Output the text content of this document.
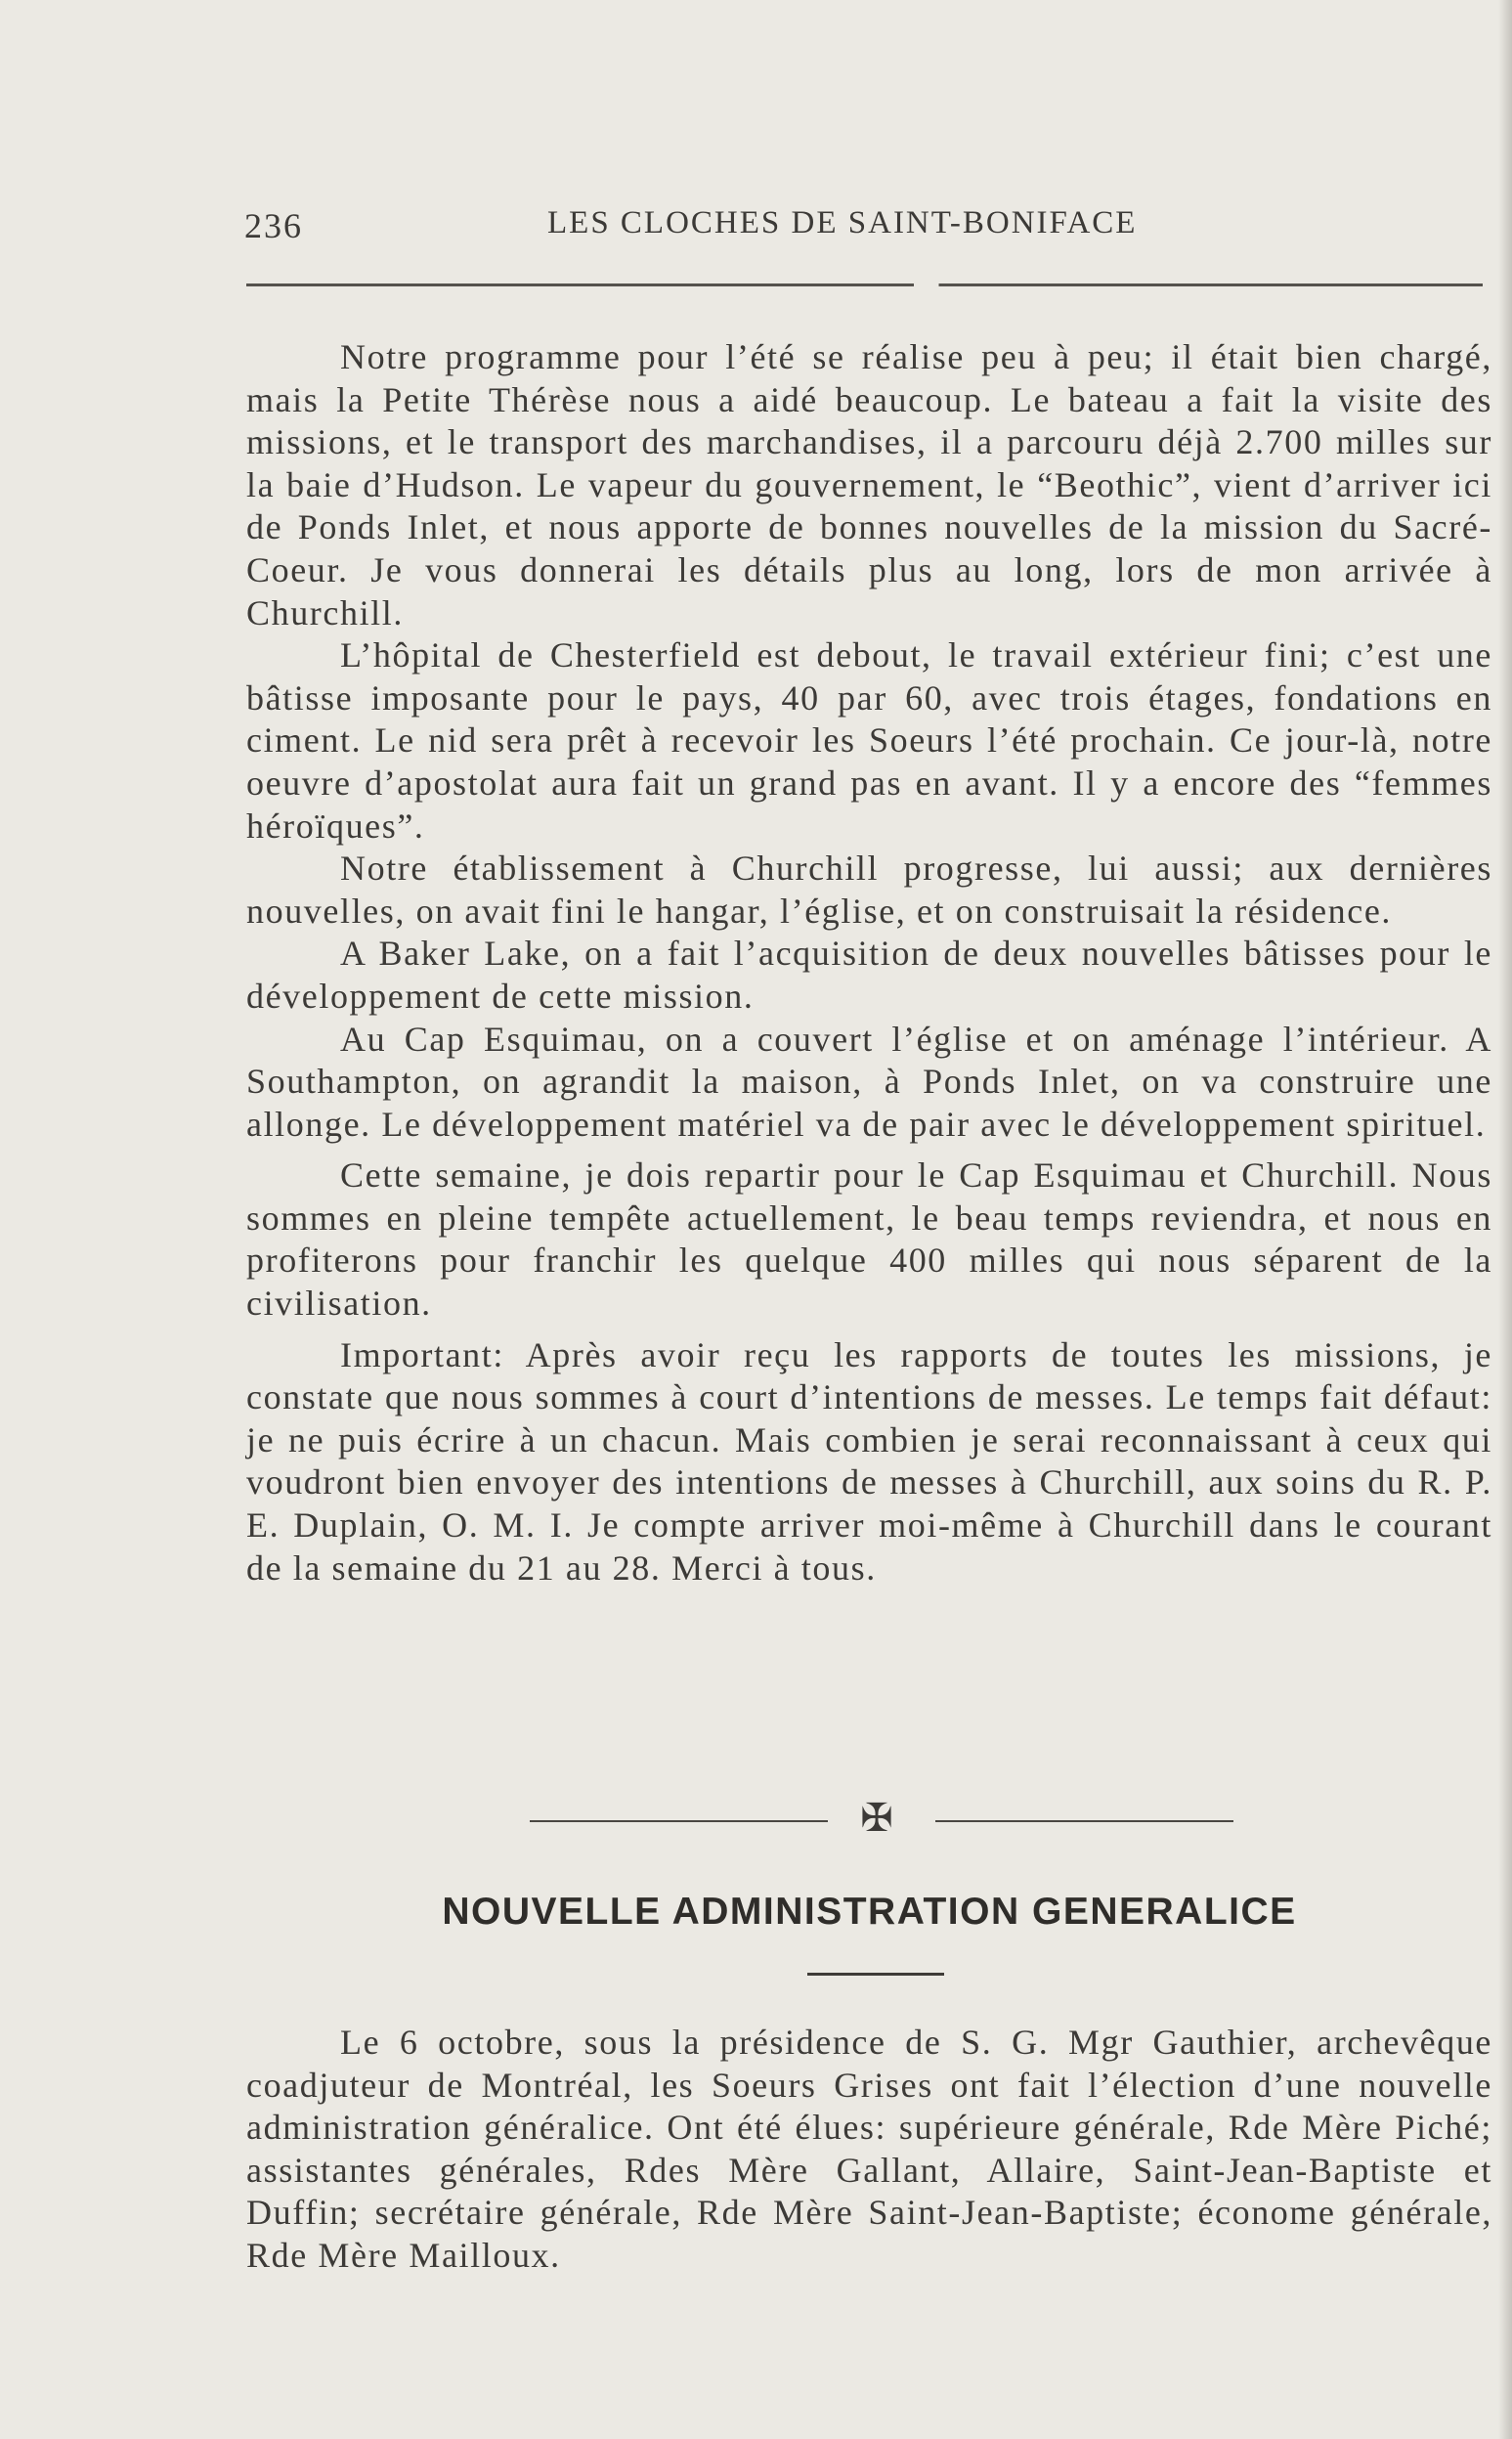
236	LES CLOCHES DE SAINT-BONIFACE

Notre programme pour l’été se réalise peu à peu; il était bien chargé, mais la Petite Thérèse nous a aidé beaucoup. Le bateau a fait la visite des missions, et le transport des marchandises, il a parcouru déjà 2.700 milles sur la baie d’Hudson. Le vapeur du gouvernement, le “Beothic”, vient d’arriver ici de Ponds Inlet, et nous apporte de bonnes nouvelles de la mission du Sacré-Coeur. Je vous donnerai les détails plus au long, lors de mon arrivée à Churchill.

L’hôpital de Chesterfield est debout, le travail extérieur fini; c’est une bâtisse imposante pour le pays, 40 par 60, avec trois étages, fondations en ciment. Le nid sera prêt à recevoir les Soeurs l’été prochain. Ce jour-là, notre oeuvre d’apostolat aura fait un grand pas en avant. Il y a encore des “femmes héroïques”.

Notre établissement à Churchill progresse, lui aussi; aux dernières nouvelles, on avait fini le hangar, l’église, et on construisait la résidence.

A Baker Lake, on a fait l’acquisition de deux nouvelles bâtisses pour le développement de cette mission.

Au Cap Esquimau, on a couvert l’église et on aménage l’intérieur. A Southampton, on agrandit la maison, à Ponds Inlet, on va construire une allonge. Le développement matériel va de pair avec le développement spirituel.

Cette semaine, je dois repartir pour le Cap Esquimau et Churchill. Nous sommes en pleine tempête actuellement, le beau temps reviendra, et nous en profiterons pour franchir les quelque 400 milles qui nous séparent de la civilisation.

Important: Après avoir reçu les rapports de toutes les missions, je constate que nous sommes à court d’intentions de messes. Le temps fait défaut: je ne puis écrire à un chacun. Mais combien je serai reconnaissant à ceux qui voudront bien envoyer des intentions de messes à Churchill, aux soins du R. P. E. Duplain, O. M. I. Je compte arriver moi-même à Churchill dans le courant de la semaine du 21 au 28. Merci à tous.

✠
NOUVELLE ADMINISTRATION GENERALICE

Le 6 octobre, sous la présidence de S. G. Mgr Gauthier, archevêque coadjuteur de Montréal, les Soeurs Grises ont fait l’élection d’une nouvelle administration généralice. Ont été élues: supérieure générale, Rde Mère Piché; assistantes générales, Rdes Mère Gallant, Allaire, Saint-Jean-Baptiste et Duffin; secrétaire générale, Rde Mère Saint-Jean-Baptiste; économe générale, Rde Mère Mailloux.
